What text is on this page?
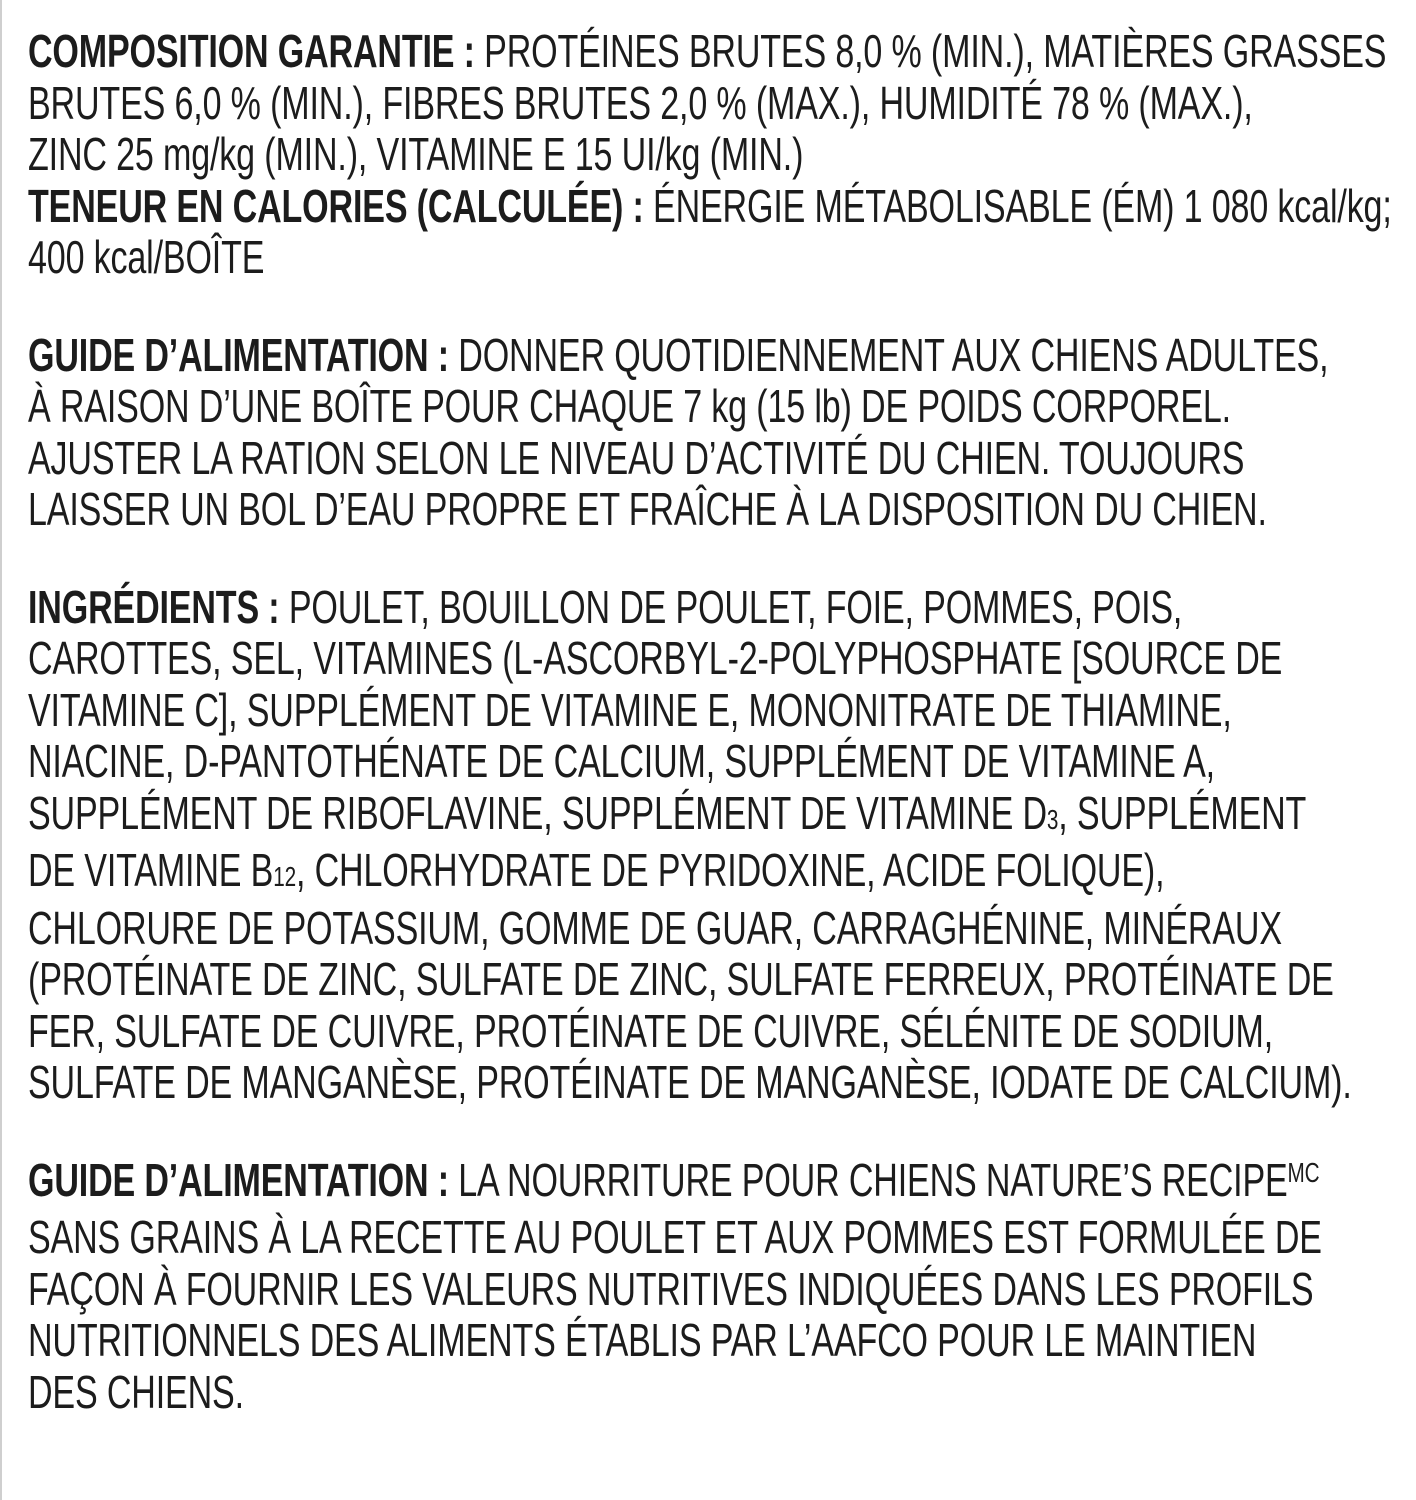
COMPOSITION GARANTIE : PROTÉINES BRUTES 8,0 % (MIN.), MATIÈRES GRASSES
BRUTES 6,0 % (MIN.), FIBRES BRUTES 2,0 % (MAX.), HUMIDITÉ 78 % (MAX.),
ZINC 25 mg/kg (MIN.), VITAMINE E 15 UI/kg (MIN.)
TENEUR EN CALORIES (CALCULÉE) : ÉNERGIE MÉTABOLISABLE (ÉM) 1 080 kcal/kg;
400 kcal/BOÎTE
GUIDE D’ALIMENTATION : DONNER QUOTIDIENNEMENT AUX CHIENS ADULTES,
À RAISON D’UNE BOÎTE POUR CHAQUE 7 kg (15 lb) DE POIDS CORPOREL.
AJUSTER LA RATION SELON LE NIVEAU D’ACTIVITÉ DU CHIEN. TOUJOURS
LAISSER UN BOL D’EAU PROPRE ET FRAÎCHE À LA DISPOSITION DU CHIEN.
INGRÉDIENTS : POULET, BOUILLON DE POULET, FOIE, POMMES, POIS,
CAROTTES, SEL, VITAMINES (L-ASCORBYL-2-POLYPHOSPHATE [SOURCE DE
VITAMINE C], SUPPLÉMENT DE VITAMINE E, MONONITRATE DE THIAMINE,
NIACINE, D-PANTOTHÉNATE DE CALCIUM, SUPPLÉMENT DE VITAMINE A,
SUPPLÉMENT DE RIBOFLAVINE, SUPPLÉMENT DE VITAMINE D3, SUPPLÉMENT
DE VITAMINE B12, CHLORHYDRATE DE PYRIDOXINE, ACIDE FOLIQUE),
CHLORURE DE POTASSIUM, GOMME DE GUAR, CARRAGHÉNINE, MINÉRAUX
(PROTÉINATE DE ZINC, SULFATE DE ZINC, SULFATE FERREUX, PROTÉINATE DE
FER, SULFATE DE CUIVRE, PROTÉINATE DE CUIVRE, SÉLÉNITE DE SODIUM,
SULFATE DE MANGANÈSE, PROTÉINATE DE MANGANÈSE, IODATE DE CALCIUM).
GUIDE D’ALIMENTATION : LA NOURRITURE POUR CHIENS NATURE’S $RECIPE^{MC}$
SANS GRAINS À LA RECETTE AU POULET ET AUX POMMES EST FORMULÉE DE
FAÇON À FOURNIR LES VALEURS NUTRITIVES INDIQUÉES DANS LES PROFILS
NUTRITIONNELS DES ALIMENTS ÉTABLIS PAR L’AAFCO POUR LE MAINTIEN
DES CHIENS.
